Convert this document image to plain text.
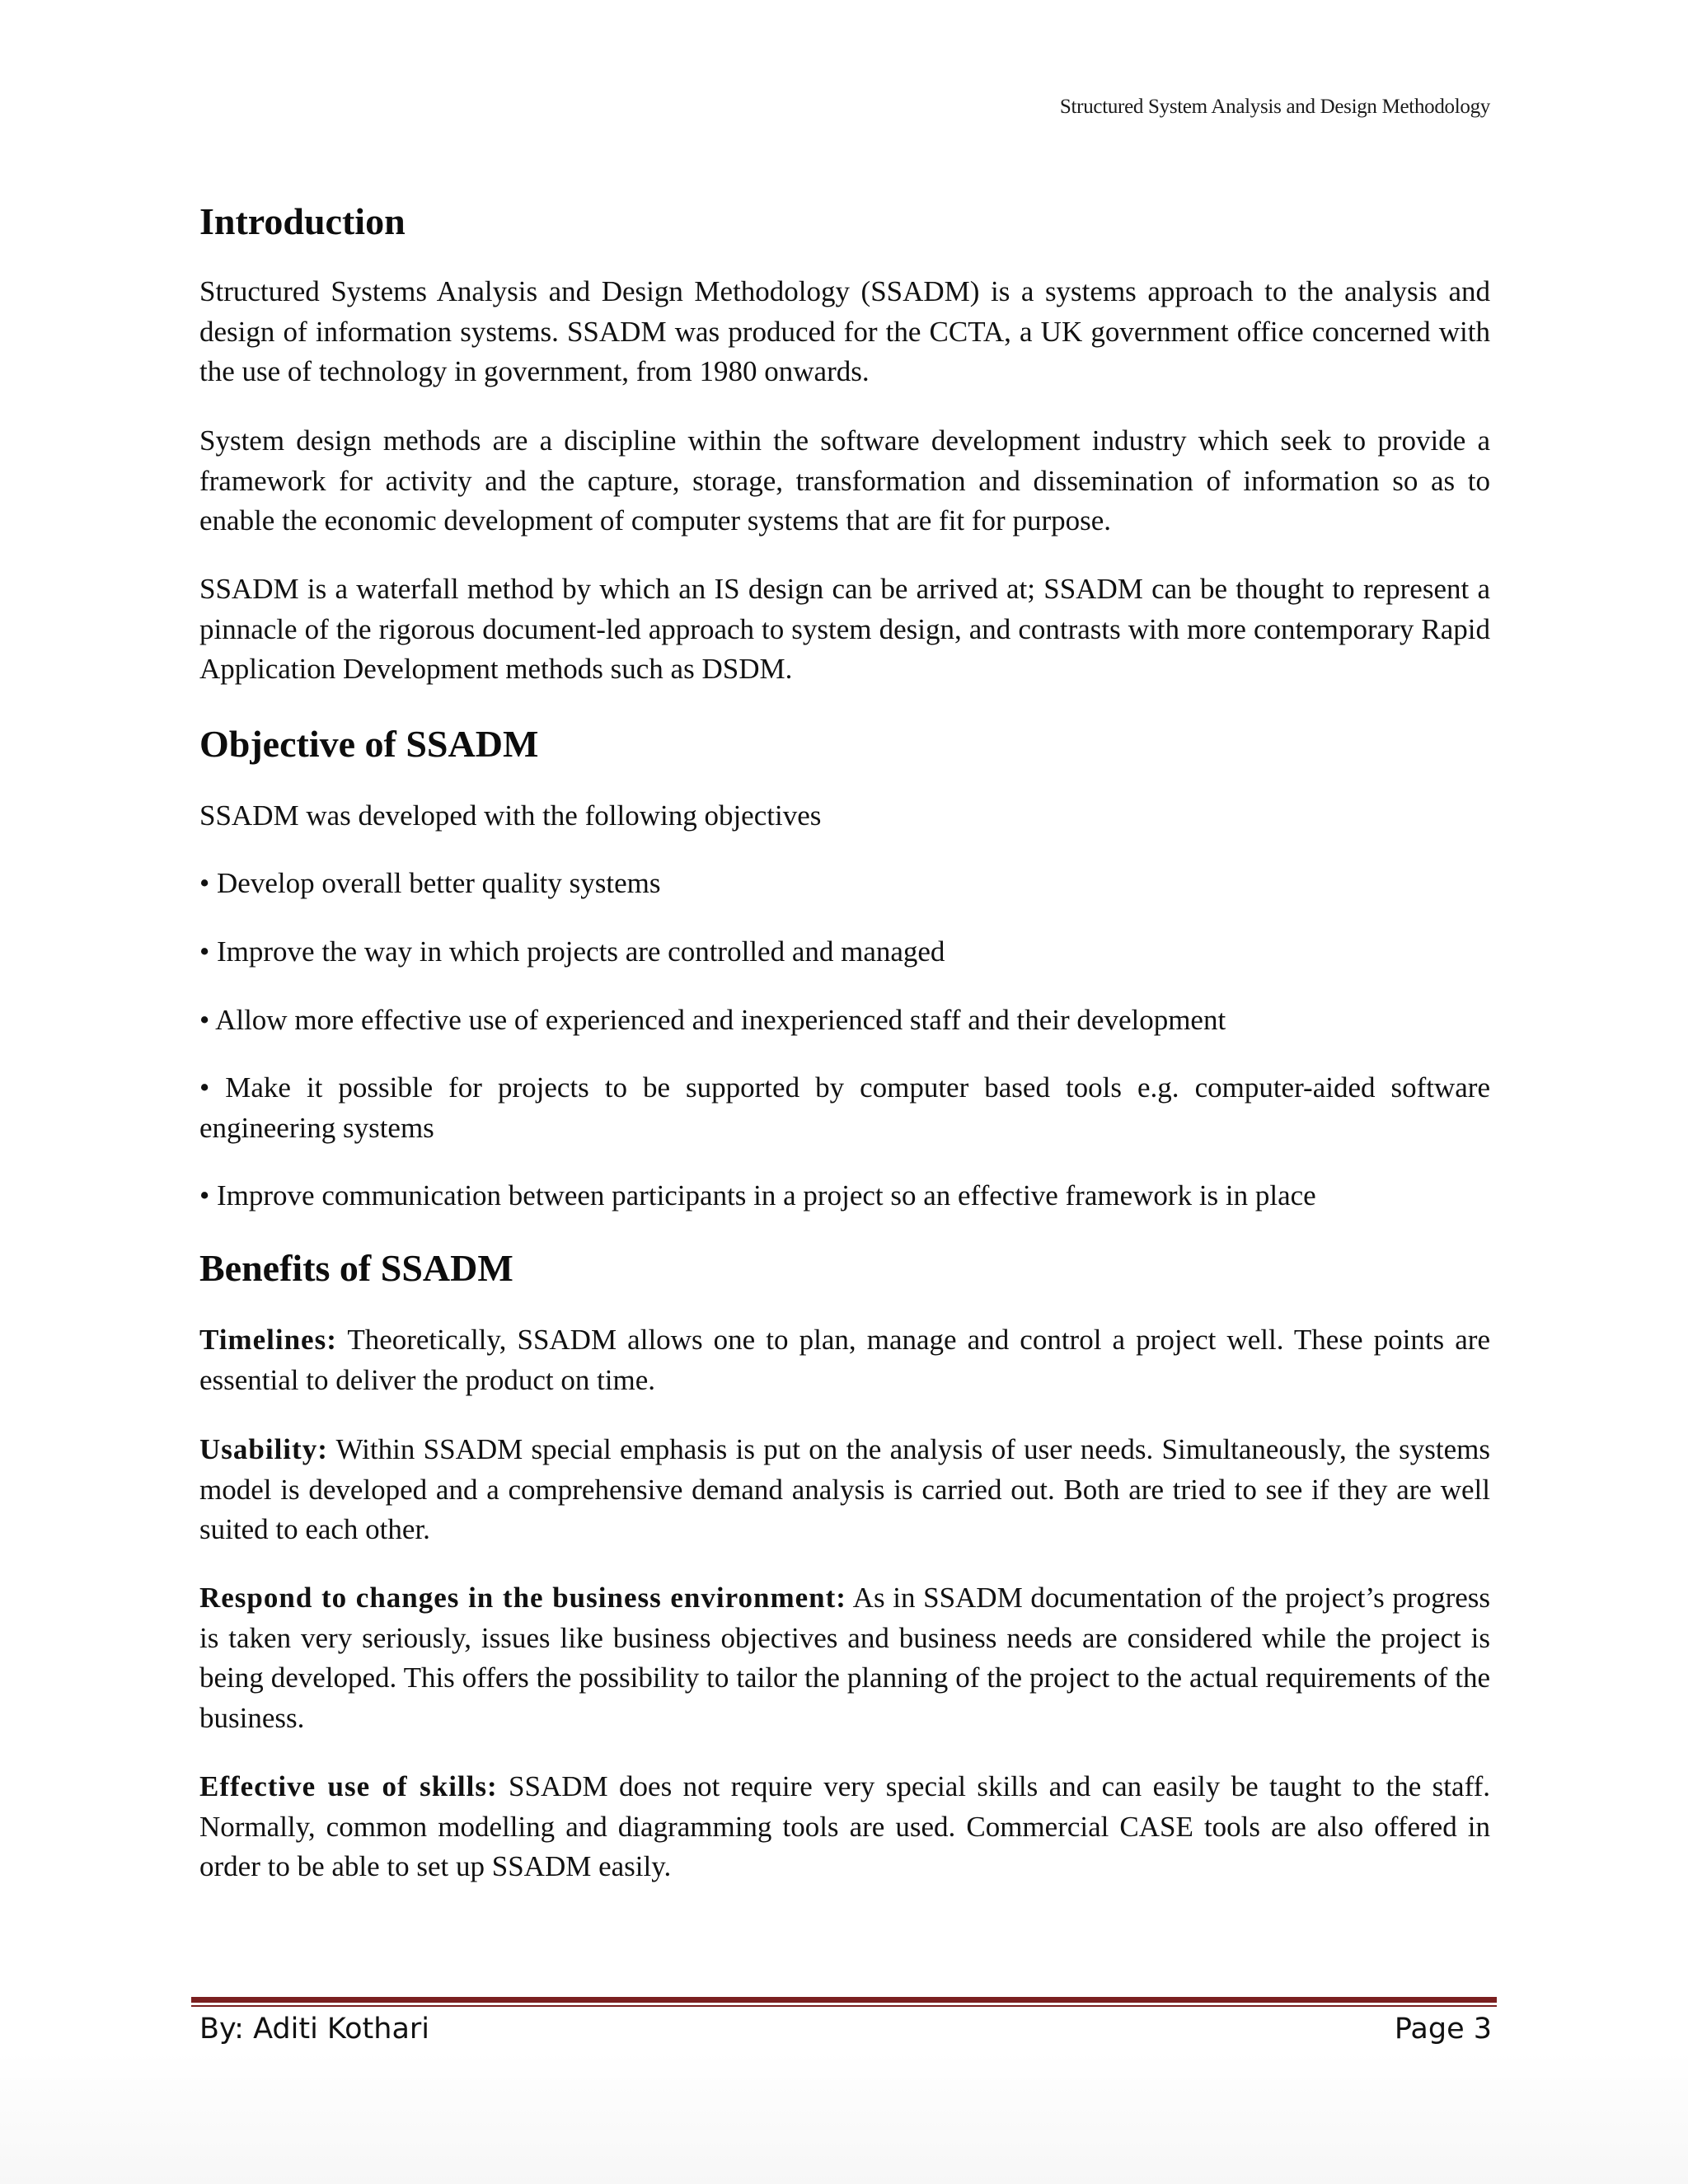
Structured System Analysis and Design Methodology
Introduction

Structured Systems Analysis and Design Methodology (SSADM) is a systems approach to the analysis and design of information systems. SSADM was produced for the CCTA, a UK government office concerned with the use of technology in government, from 1980 onwards.

System design methods are a discipline within the software development industry which seek to provide a framework for activity and the capture, storage, transformation and dissemination of information so as to enable the economic development of computer systems that are fit for purpose.

SSADM is a waterfall method by which an IS design can be arrived at; SSADM can be thought to represent a pinnacle of the rigorous document-led approach to system design, and contrasts with more contemporary Rapid Application Development methods such as DSDM.

Objective of SSADM

SSADM was developed with the following objectives

• Develop overall better quality systems

• Improve the way in which projects are controlled and managed

• Allow more effective use of experienced and inexperienced staff and their development

• Make it possible for projects to be supported by computer based tools e.g. computer-aided software engineering systems

• Improve communication between participants in a project so an effective framework is in place

Benefits of SSADM

Timelines: Theoretically, SSADM allows one to plan, manage and control a project well. These points are essential to deliver the product on time.

Usability: Within SSADM special emphasis is put on the analysis of user needs. Simultaneously, the systems model is developed and a comprehensive demand analysis is carried out. Both are tried to see if they are well suited to each other.

Respond to changes in the business environment: As in SSADM documentation of the project’s progress is taken very seriously, issues like business objectives and business needs are considered while the project is being developed. This offers the possibility to tailor the planning of the project to the actual requirements of the business.

Effective use of skills: SSADM does not require very special skills and can easily be taught to the staff. Normally, common modelling and diagramming tools are used. Commercial CASE tools are also offered in order to be able to set up SSADM easily.

By: Aditi Kothari	Page 3
